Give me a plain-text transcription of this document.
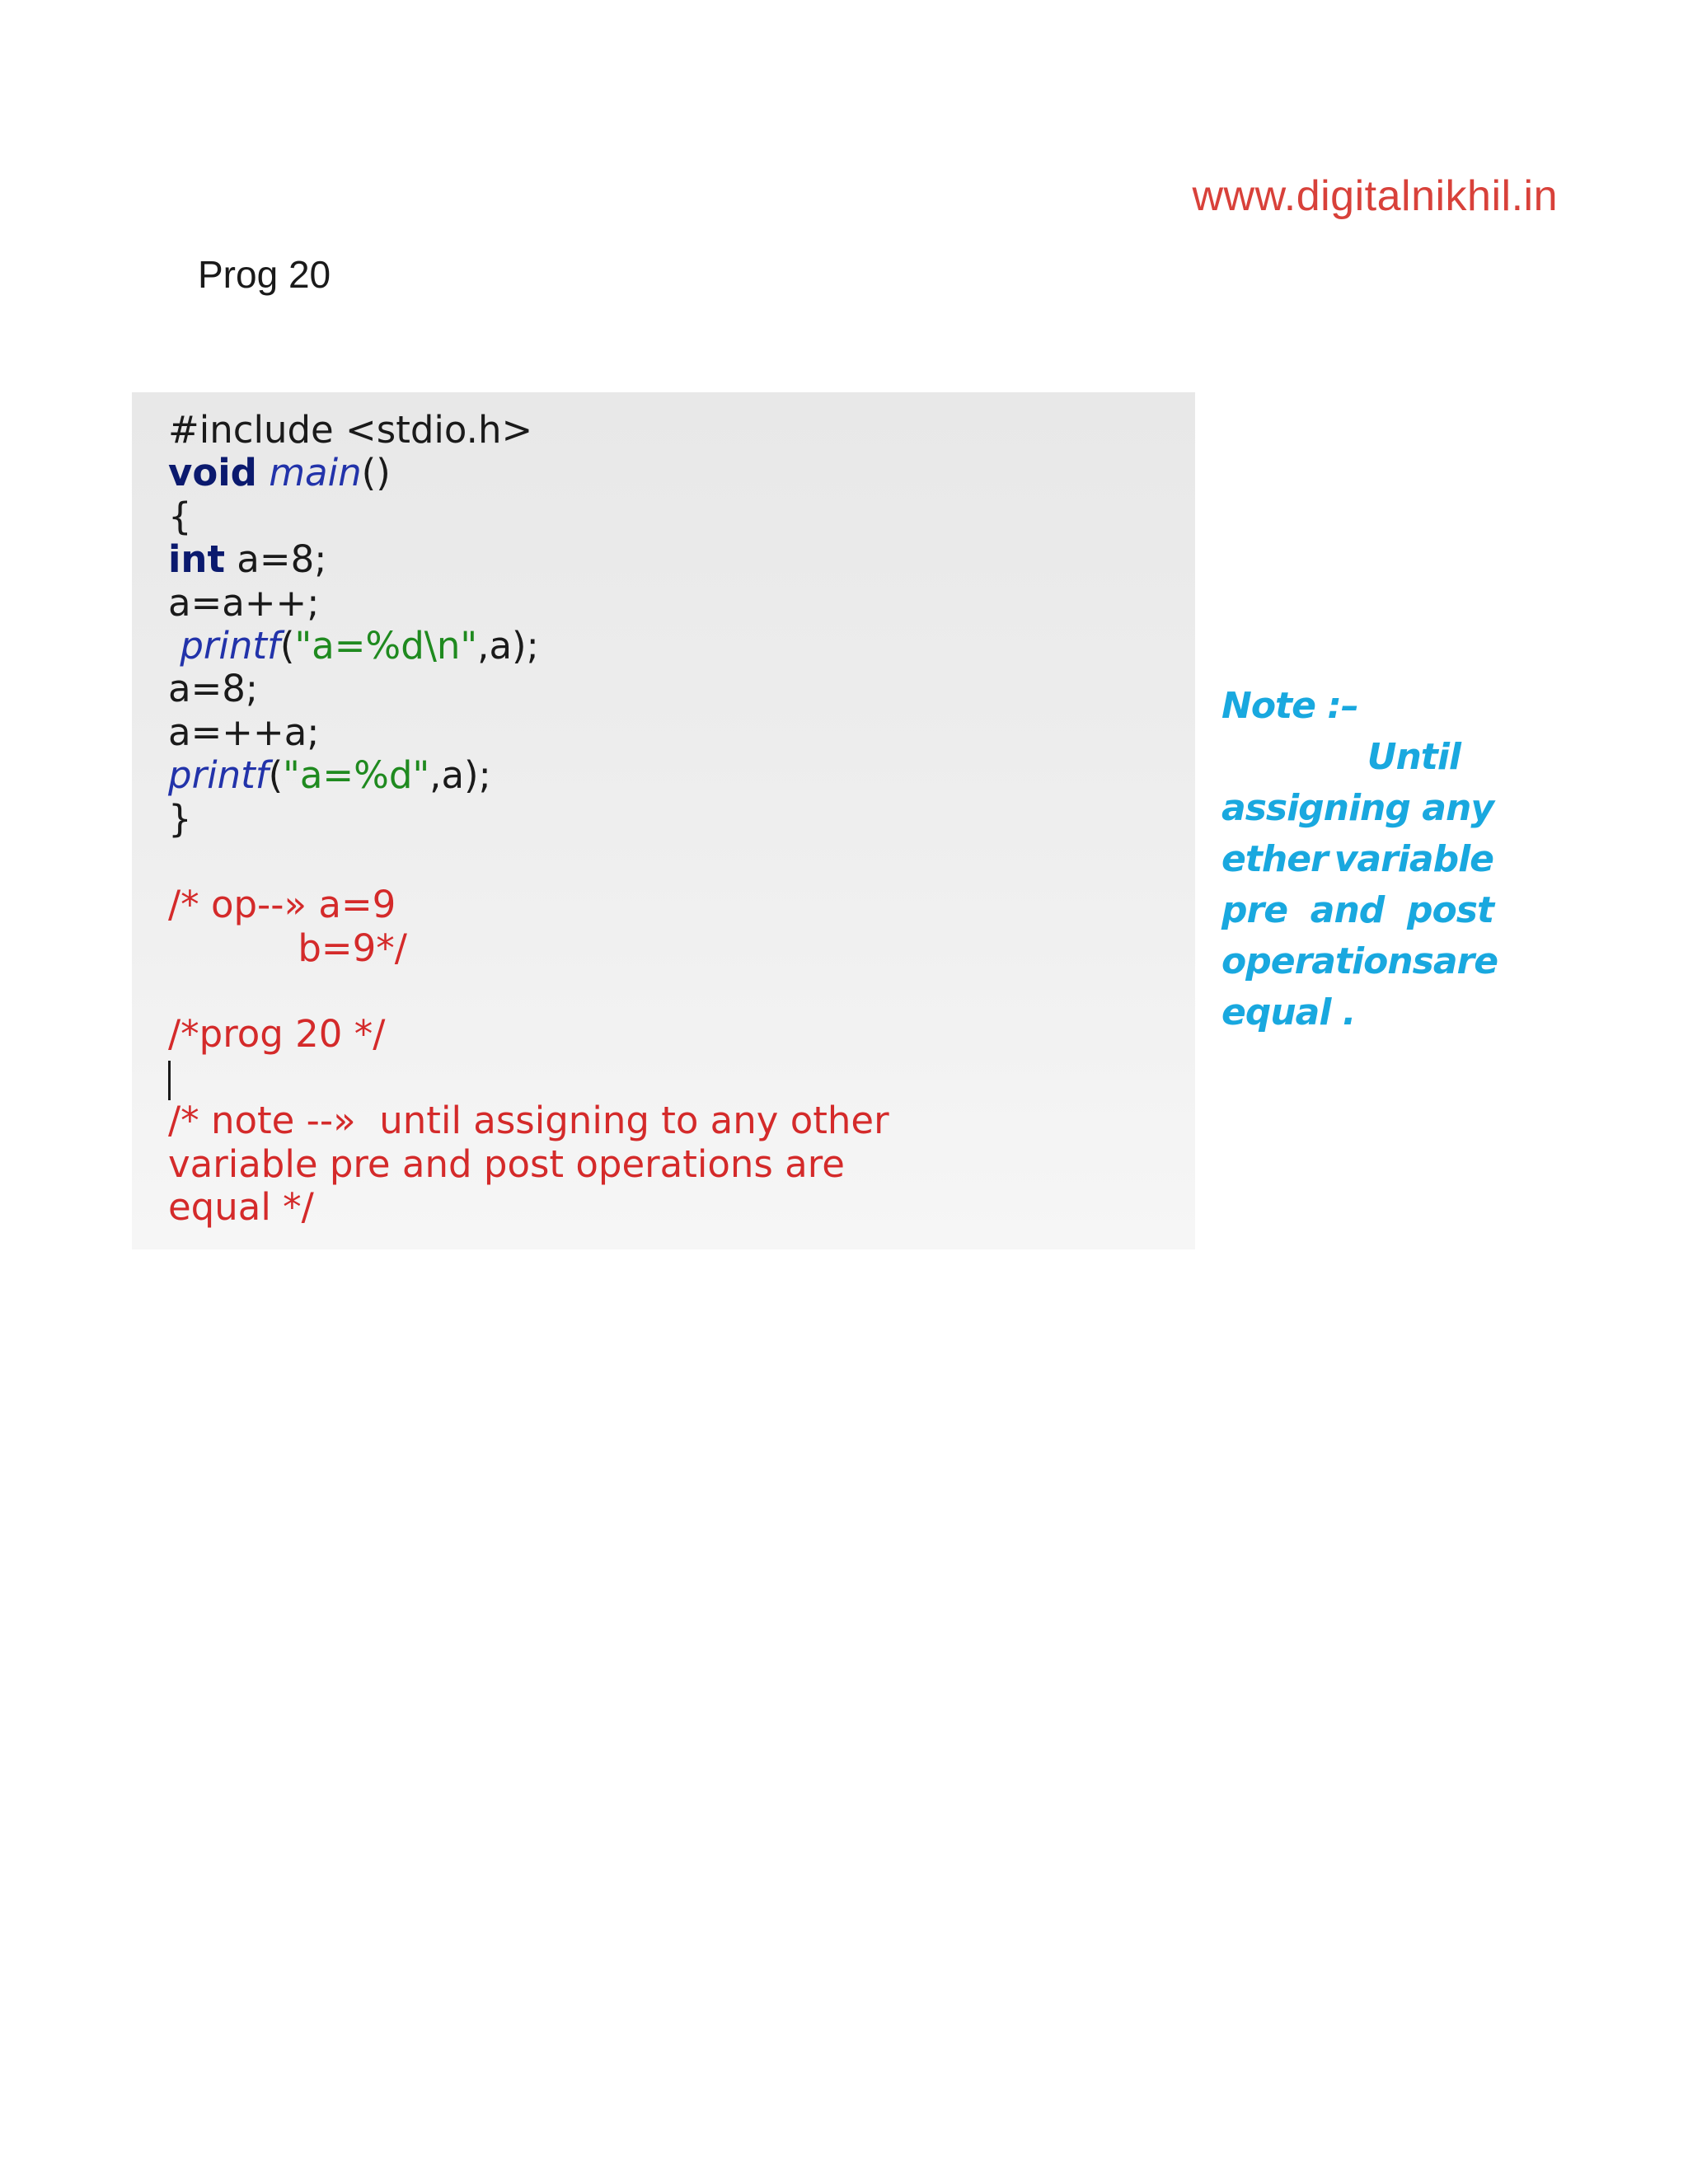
www.digitalnikhil.in
Prog 20
#include <stdio.h>
void main()
{
int a=8;
a=a++;
printf("a=%d\n",a);
a=8;
a=++a;
printf("a=%d",a);
}
/* op--» a=9
b=9*/
/*prog 20 */
/* note --»  until assigning to any other
variable pre and post operations are
equal */
Note :–
Until
assigning any
ether variable
pre and post
operations are
equal .
